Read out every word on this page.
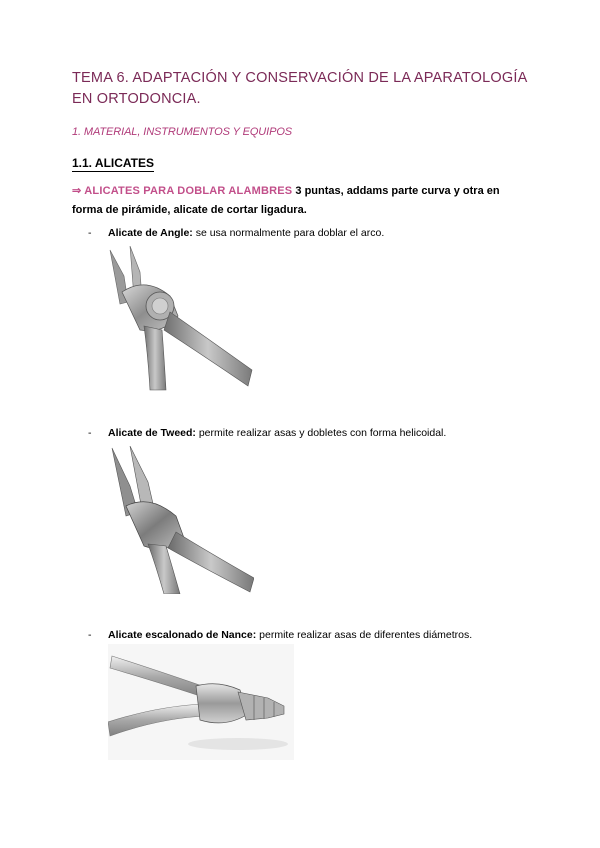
TEMA 6. ADAPTACIÓN Y CONSERVACIÓN DE LA APARATOLOGÍA EN ORTODONCIA.

1. MATERIAL, INSTRUMENTOS Y EQUIPOS

1.1. ALICATES

⇒ ALICATES PARA DOBLAR ALAMBRES 3 puntas, addams parte curva y otra en forma de pirámide, alicate de cortar ligadura.

- Alicate de Angle: se usa normalmente para doblar el arco.

- Alicate de Tweed: permite realizar asas y dobletes con forma helicoidal.

- Alicate escalonado de Nance: permite realizar asas de diferentes diámetros.
